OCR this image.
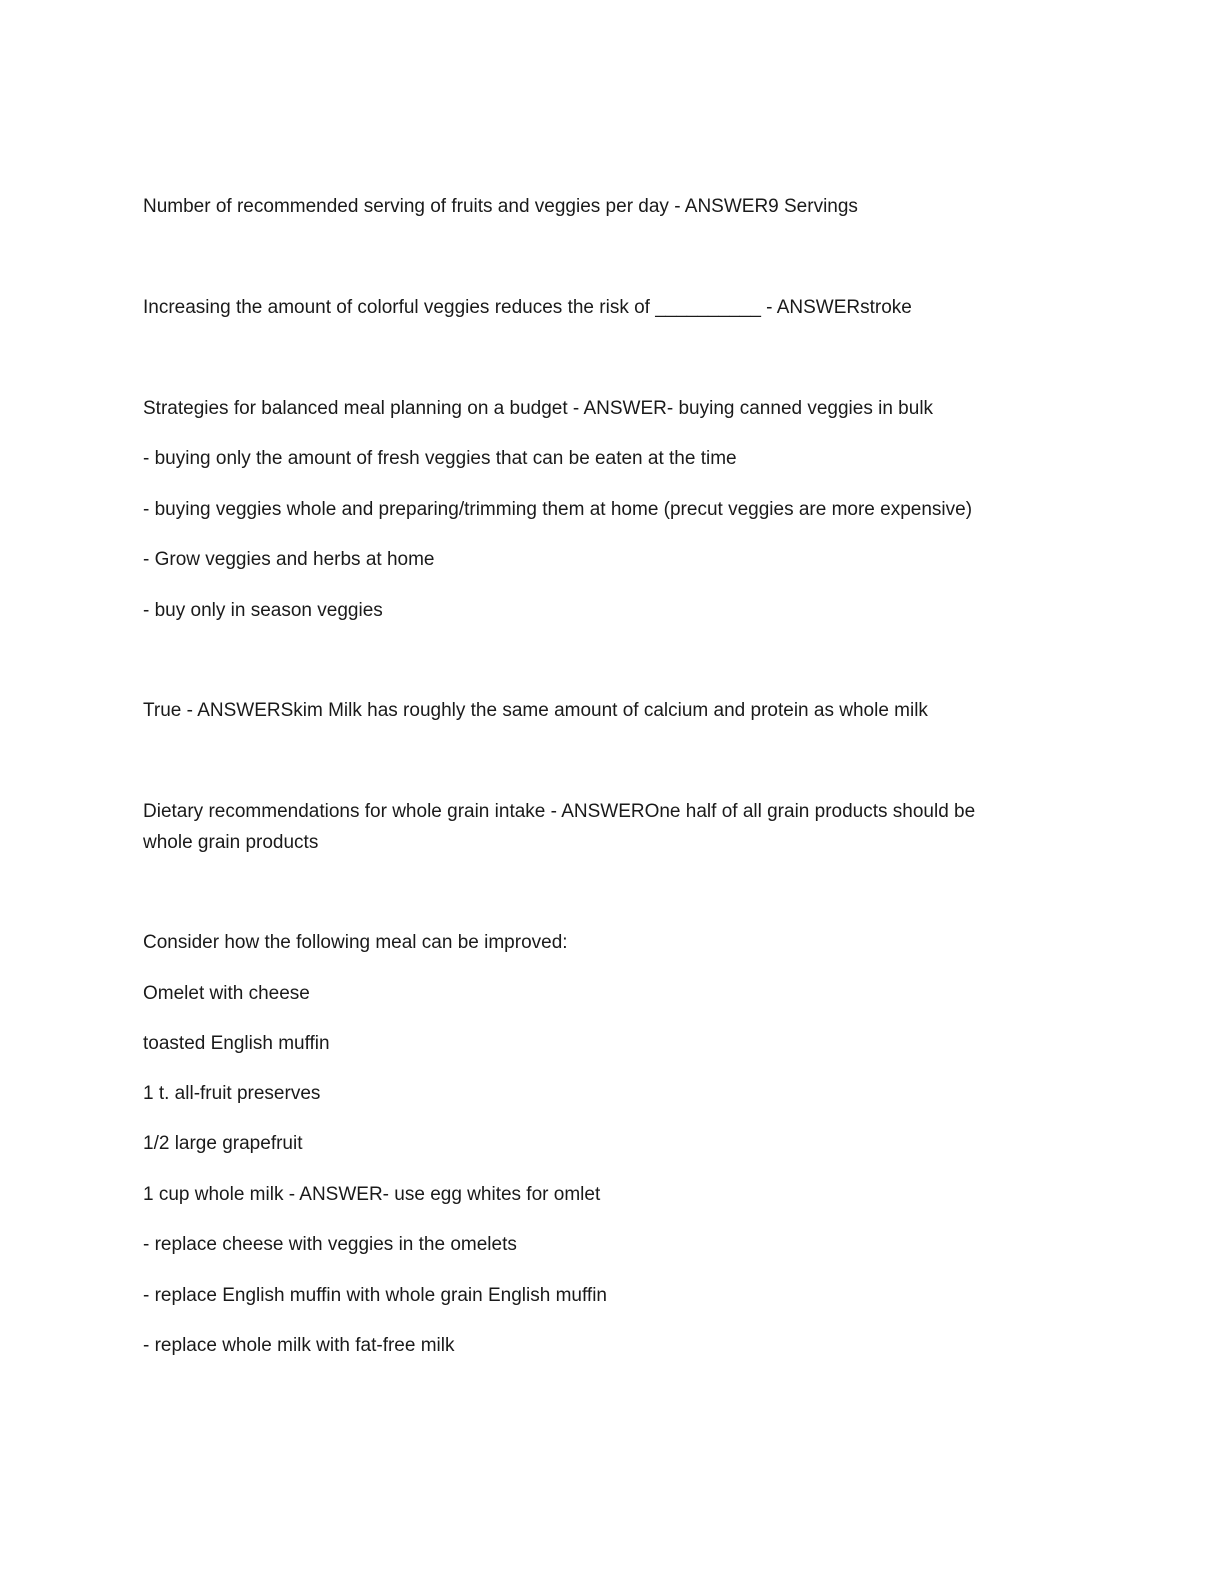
Number of recommended serving of fruits and veggies per day - ANSWER9 Servings
Increasing the amount of colorful veggies reduces the risk of __________ - ANSWERstroke
Strategies for balanced meal planning on a budget - ANSWER- buying canned veggies in bulk
- buying only the amount of fresh veggies that can be eaten at the time
- buying veggies whole and preparing/trimming them at home (precut veggies are more expensive)
- Grow veggies and herbs at home
- buy only in season veggies
True - ANSWERSkim Milk has roughly the same amount of calcium and protein as whole milk
Dietary recommendations for whole grain intake - ANSWEROne half of all grain products should be whole grain products
Consider how the following meal can be improved:
Omelet with cheese
toasted English muffin
1 t. all-fruit preserves
1/2 large grapefruit
1 cup whole milk - ANSWER- use egg whites for omlet
- replace cheese with veggies in the omelets
- replace English muffin with whole grain English muffin
- replace whole milk with fat-free milk
